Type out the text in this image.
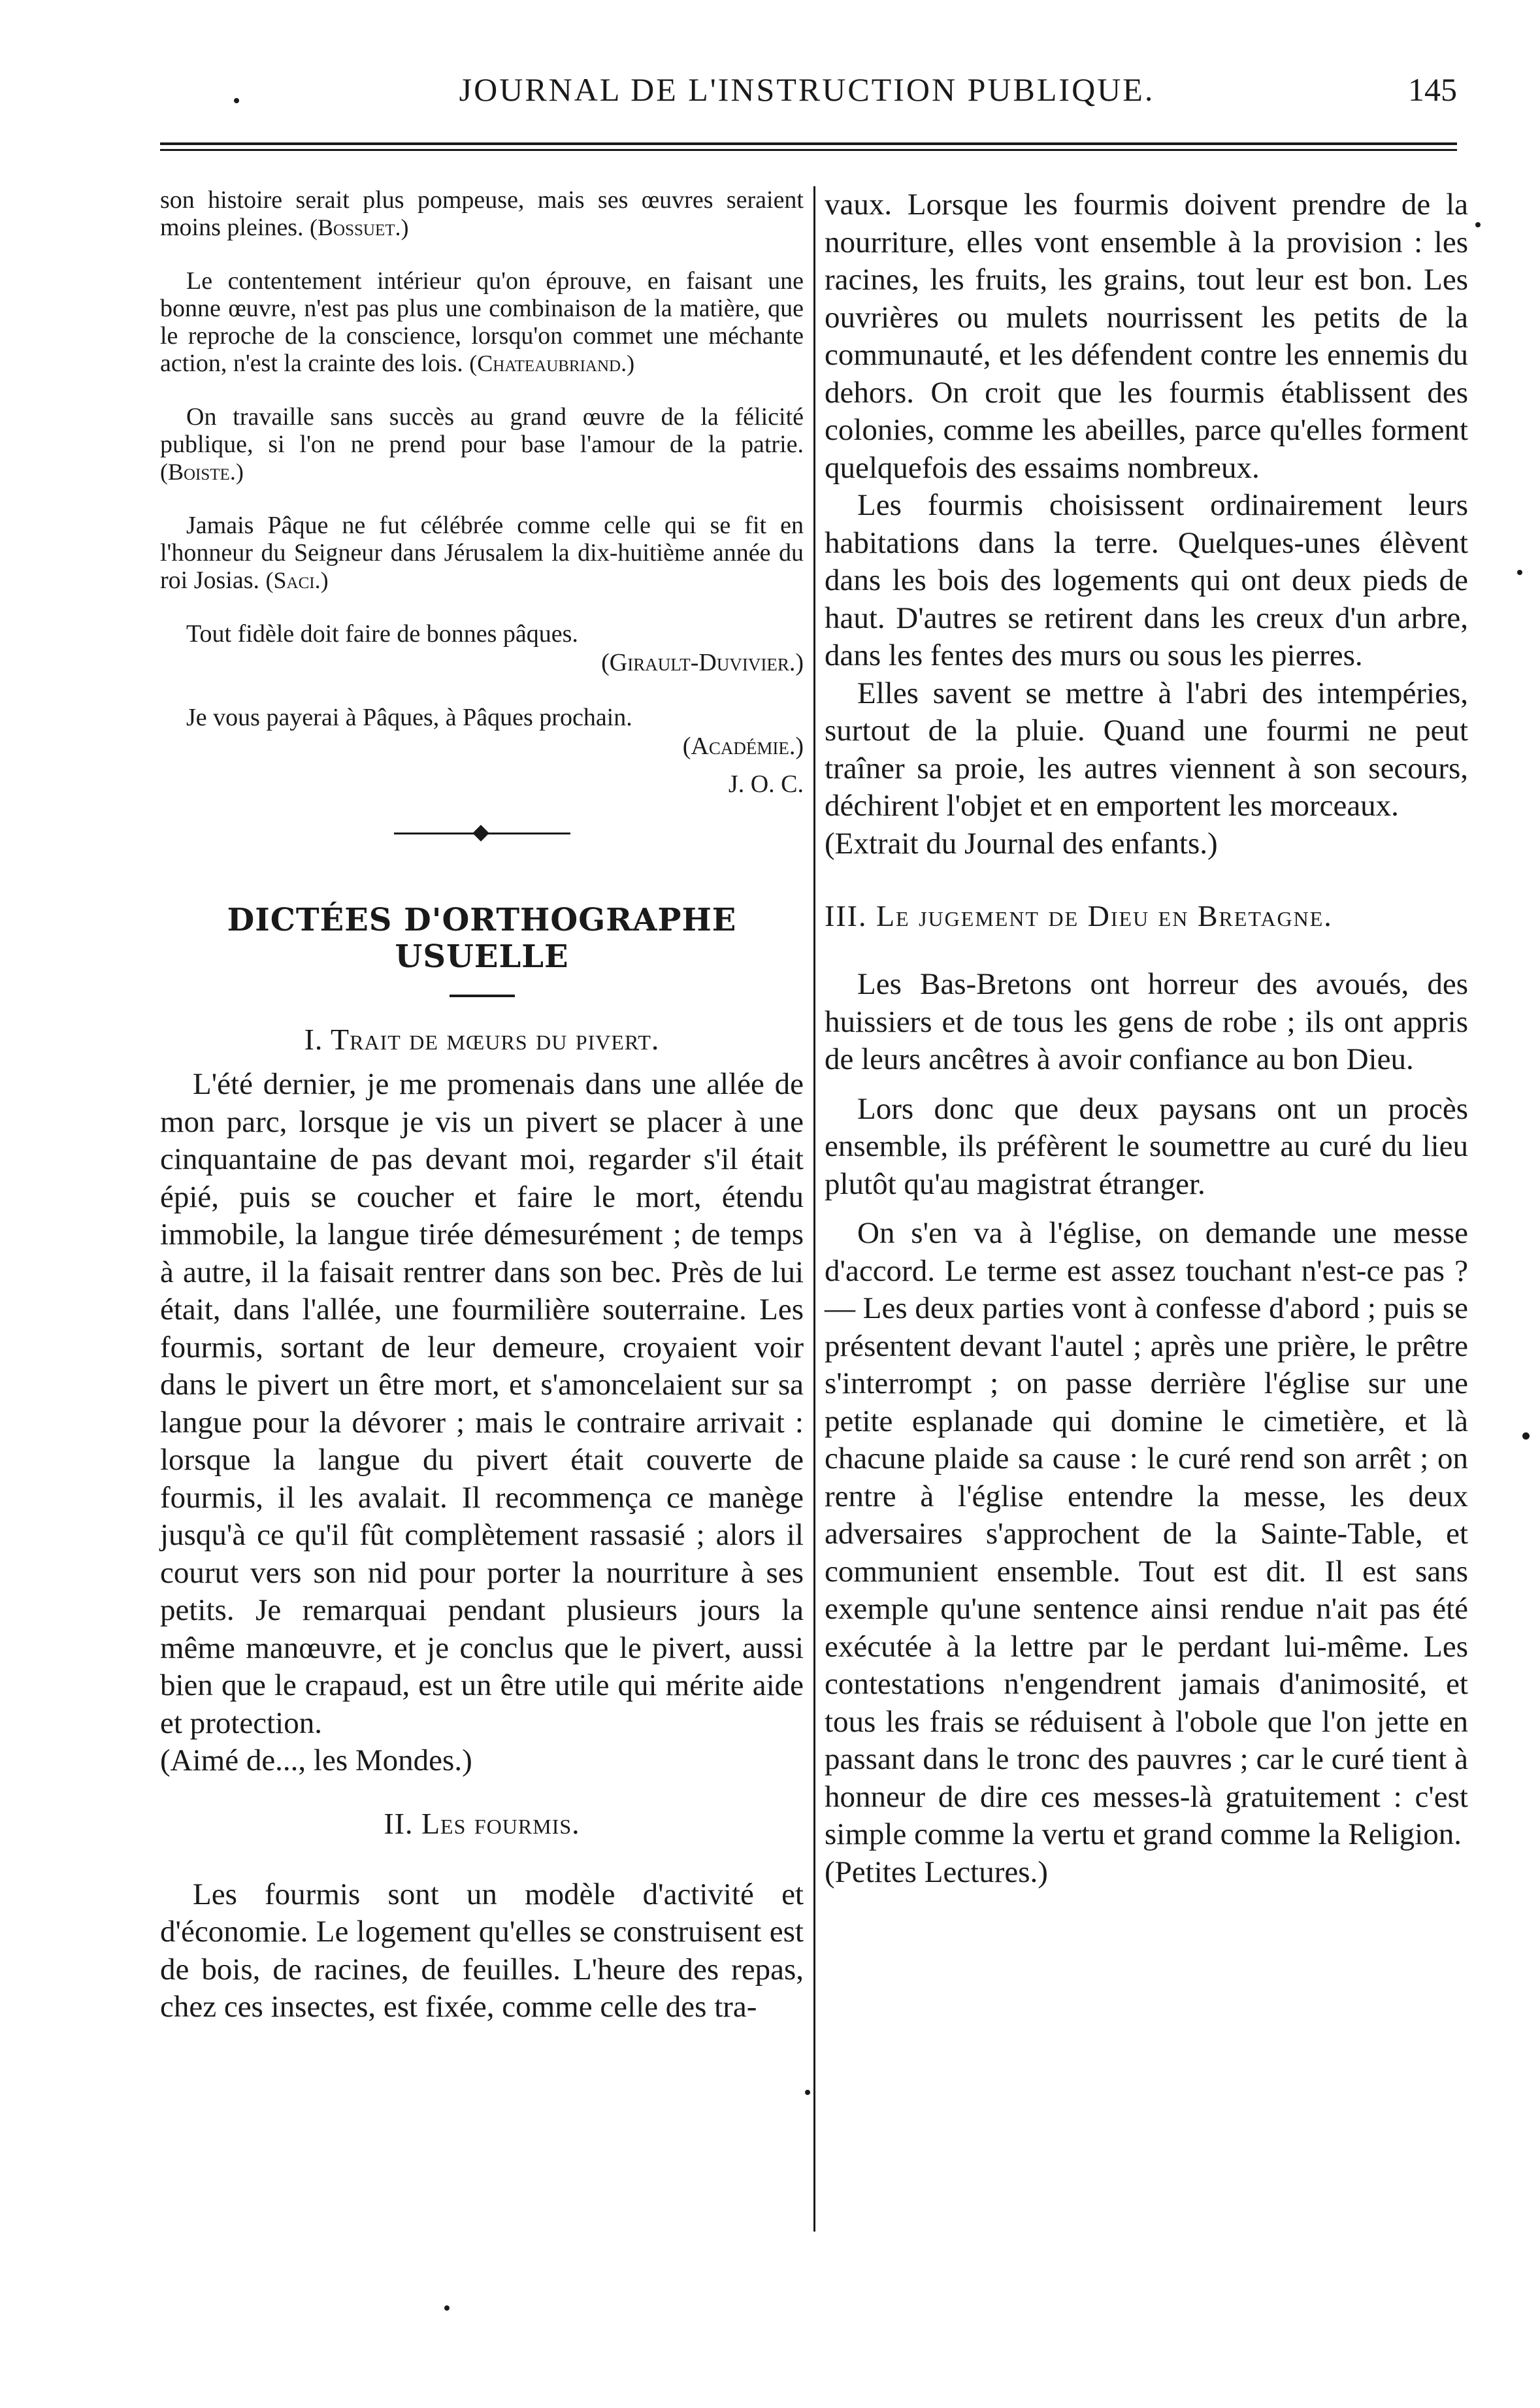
JOURNAL DE L'INSTRUCTION PUBLIQUE.	145

son histoire serait plus pompeuse, mais ses œuvres seraient moins pleines. (Bossuet.)

Le contentement intérieur qu'on éprouve, en faisant une bonne œuvre, n'est pas plus une combinaison de la matière, que le reproche de la conscience, lorsqu'on commet une méchante action, n'est la crainte des lois. (Chateaubriand.)

On travaille sans succès au grand œuvre de la félicité publique, si l'on ne prend pour base l'amour de la patrie. (Boiste.)

Jamais Pâque ne fut célébrée comme celle qui se fit en l'honneur du Seigneur dans Jérusalem la dix-huitième année du roi Josias. (Saci.)

Tout fidèle doit faire de bonnes pâques.

(Girault-Duvivier.)

Je vous payerai à Pâques, à Pâques prochain.

(Académie.)

J. O. C.

DICTÉES D'ORTHOGRAPHE USUELLE

I. Trait de mœurs du pivert.

L'été dernier, je me promenais dans une allée de mon parc, lorsque je vis un pivert se placer à une cinquantaine de pas devant moi, regarder s'il était épié, puis se coucher et faire le mort, étendu immobile, la langue tirée démesurément ; de temps à autre, il la faisait rentrer dans son bec. Près de lui était, dans l'allée, une fourmilière souterraine. Les fourmis, sortant de leur demeure, croyaient voir dans le pivert un être mort, et s'amoncelaient sur sa langue pour la dévorer ; mais le contraire arrivait : lorsque la langue du pivert était couverte de fourmis, il les avalait. Il recommença ce manège jusqu'à ce qu'il fût complètement rassasié ; alors il courut vers son nid pour porter la nourriture à ses petits. Je remarquai pendant plusieurs jours la même manœuvre, et je conclus que le pivert, aussi bien que le crapaud, est un être utile qui mérite aide et protection.

(Aimé de..., les Mondes.)

II. Les fourmis.

Les fourmis sont un modèle d'activité et d'économie. Le logement qu'elles se construisent est de bois, de racines, de feuilles. L'heure des repas, chez ces insectes, est fixée, comme celle des tra-

vaux. Lorsque les fourmis doivent prendre de la nourriture, elles vont ensemble à la provision : les racines, les fruits, les grains, tout leur est bon. Les ouvrières ou mulets nourrissent les petits de la communauté, et les défendent contre les ennemis du dehors. On croit que les fourmis établissent des colonies, comme les abeilles, parce qu'elles forment quelquefois des essaims nombreux.

Les fourmis choisissent ordinairement leurs habitations dans la terre. Quelques-unes élèvent dans les bois des logements qui ont deux pieds de haut. D'autres se retirent dans les creux d'un arbre, dans les fentes des murs ou sous les pierres.

Elles savent se mettre à l'abri des intempéries, surtout de la pluie. Quand une fourmi ne peut traîner sa proie, les autres viennent à son secours, déchirent l'objet et en emportent les morceaux.

(Extrait du Journal des enfants.)

III. Le jugement de Dieu en Bretagne.

Les Bas-Bretons ont horreur des avoués, des huissiers et de tous les gens de robe ; ils ont appris de leurs ancêtres à avoir confiance au bon Dieu.

Lors donc que deux paysans ont un procès ensemble, ils préfèrent le soumettre au curé du lieu plutôt qu'au magistrat étranger.

On s'en va à l'église, on demande une messe d'accord. Le terme est assez touchant n'est-ce pas ? — Les deux parties vont à confesse d'abord ; puis se présentent devant l'autel ; après une prière, le prêtre s'interrompt ; on passe derrière l'église sur une petite esplanade qui domine le cimetière, et là chacune plaide sa cause : le curé rend son arrêt ; on rentre à l'église entendre la messe, les deux adversaires s'approchent de la Sainte-Table, et communient ensemble. Tout est dit. Il est sans exemple qu'une sentence ainsi rendue n'ait pas été exécutée à la lettre par le perdant lui-même. Les contestations n'engendrent jamais d'animosité, et tous les frais se réduisent à l'obole que l'on jette en passant dans le tronc des pauvres ; car le curé tient à honneur de dire ces messes-là gratuitement : c'est simple comme la vertu et grand comme la Religion.

(Petites Lectures.)
